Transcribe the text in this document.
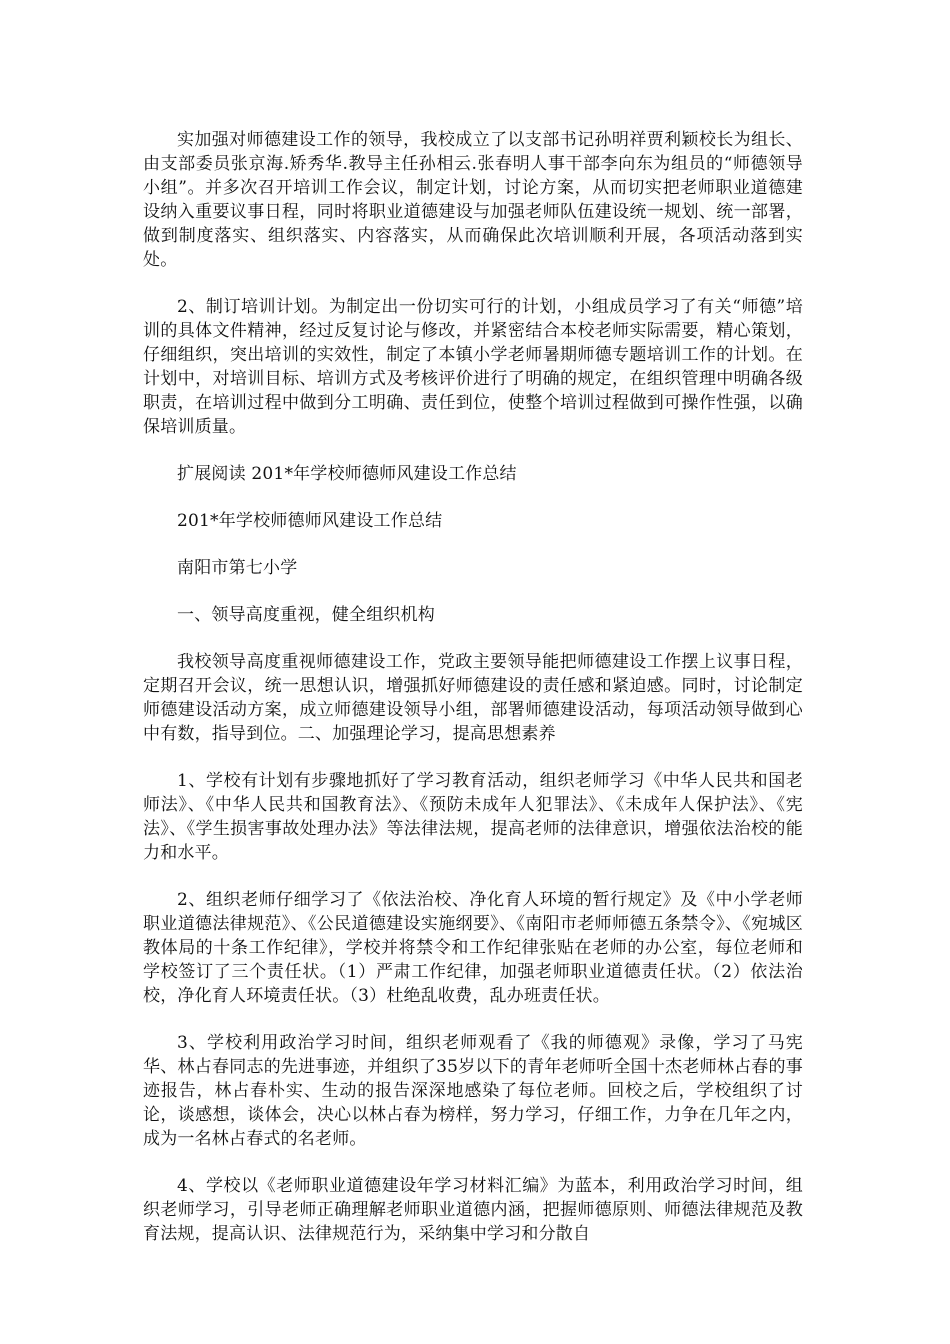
实加强对师德建设工作的领导，我校成立了以支部书记孙明祥贾利颖校长为组长、由支部委员张京海.矫秀华.教导主任孙相云.张春明人事干部李向东为组员的“师德领导小组”。并多次召开培训工作会议，制定计划，讨论方案，从而切实把老师职业道德建设纳入重要议事日程，同时将职业道德建设与加强老师队伍建设统一规划、统一部署，做到制度落实、组织落实、内容落实，从而确保此次培训顺利开展，各项活动落到实处。

2、制订培训计划。为制定出一份切实可行的计划，小组成员学习了有关“师德”培训的具体文件精神，经过反复讨论与修改，并紧密结合本校老师实际需要，精心策划，仔细组织，突出培训的实效性，制定了本镇小学老师暑期师德专题培训工作的计划。在计划中，对培训目标、培训方式及考核评价进行了明确的规定，在组织管理中明确各级职责，在培训过程中做到分工明确、责任到位，使整个培训过程做到可操作性强，以确保培训质量。

扩展阅读 201*年学校师德师风建设工作总结

201*年学校师德师风建设工作总结

南阳市第七小学

一、领导高度重视，健全组织机构

我校领导高度重视师德建设工作，党政主要领导能把师德建设工作摆上议事日程，定期召开会议，统一思想认识，增强抓好师德建设的责任感和紧迫感。同时，讨论制定师德建设活动方案，成立师德建设领导小组，部署师德建设活动，每项活动领导做到心中有数，指导到位。二、加强理论学习，提高思想素养

1、学校有计划有步骤地抓好了学习教育活动，组织老师学习《中华人民共和国老师法》、《中华人民共和国教育法》、《预防未成年人犯罪法》、《未成年人保护法》、《宪法》、《学生损害事故处理办法》等法律法规，提高老师的法律意识，增强依法治校的能力和水平。

2、组织老师仔细学习了《依法治校、净化育人环境的暂行规定》及《中小学老师职业道德法律规范》、《公民道德建设实施纲要》、《南阳市老师师德五条禁令》、《宛城区教体局的十条工作纪律》，学校并将禁令和工作纪律张贴在老师的办公室，每位老师和学校签订了三个责任状。（1）严肃工作纪律，加强老师职业道德责任状。（2）依法治校，净化育人环境责任状。（3）杜绝乱收费，乱办班责任状。

3、学校利用政治学习时间，组织老师观看了《我的师德观》录像，学习了马宪华、林占春同志的先进事迹，并组织了35岁以下的青年老师听全国十杰老师林占春的事迹报告，林占春朴实、生动的报告深深地感染了每位老师。回校之后，学校组织了讨论，谈感想，谈体会，决心以林占春为榜样，努力学习，仔细工作，力争在几年之内，成为一名林占春式的名老师。

4、学校以《老师职业道德建设年学习材料汇编》为蓝本，利用政治学习时间，组织老师学习，引导老师正确理解老师职业道德内涵，把握师德原则、师德法律规范及教育法规，提高认识、法律规范行为，采纳集中学习和分散自
